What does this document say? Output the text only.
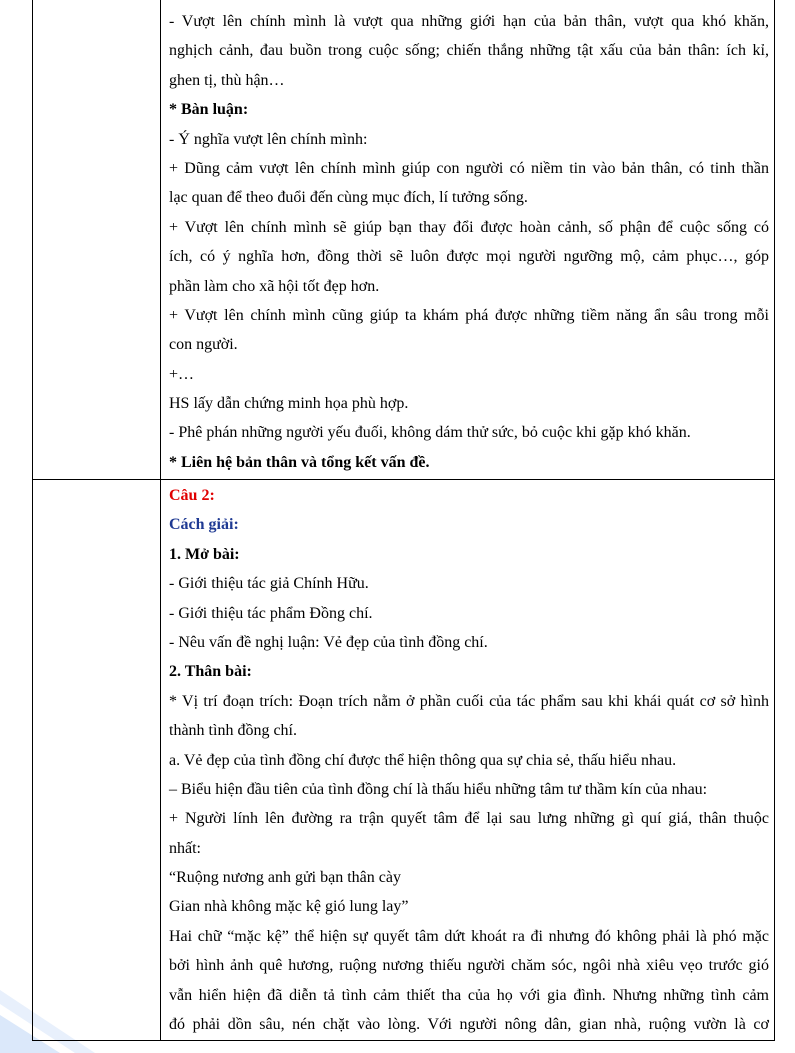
- Vượt lên chính mình là vượt qua những giới hạn của bản thân, vượt qua khó khăn,
nghịch cảnh, đau buồn trong cuộc sống; chiến thắng những tật xấu của bản thân: ích kỉ,
ghen tị, thù hận…
* Bàn luận:
- Ý nghĩa vượt lên chính mình:
+ Dũng cảm vượt lên chính mình giúp con người có niềm tin vào bản thân, có tinh thần
lạc quan để theo đuổi đến cùng mục đích, lí tưởng sống.
+ Vượt lên chính mình sẽ giúp bạn thay đổi được hoàn cảnh, số phận để cuộc sống có
ích, có ý nghĩa hơn, đồng thời sẽ luôn được mọi người ngưỡng mộ, cảm phục…, góp
phần làm cho xã hội tốt đẹp hơn.
+ Vượt lên chính mình cũng giúp ta khám phá được những tiềm năng ẩn sâu trong mỗi
con người.
+…
HS lấy dẫn chứng minh họa phù hợp.
- Phê phán những người yếu đuối, không dám thử sức, bỏ cuộc khi gặp khó khăn.
* Liên hệ bản thân và tổng kết vấn đề.
Câu 2:
Cách giải:
1. Mở bài:
- Giới thiệu tác giả Chính Hữu.
- Giới thiệu tác phẩm Đồng chí.
- Nêu vấn đề nghị luận: Vẻ đẹp của tình đồng chí.
2. Thân bài:
* Vị trí đoạn trích: Đoạn trích nằm ở phần cuối của tác phẩm sau khi khái quát cơ sở hình
thành tình đồng chí.
a. Vẻ đẹp của tình đồng chí được thể hiện thông qua sự chia sẻ, thấu hiểu nhau.
– Biểu hiện đầu tiên của tình đồng chí là thấu hiểu những tâm tư thầm kín của nhau:
+ Người lính lên đường ra trận quyết tâm để lại sau lưng những gì quí giá, thân thuộc
nhất:
“Ruộng nương anh gửi bạn thân cày
Gian nhà không mặc kệ gió lung lay”
Hai chữ “mặc kệ” thể hiện sự quyết tâm dứt khoát ra đi nhưng đó không phải là phó mặc
bởi hình ảnh quê hương, ruộng nương thiếu người chăm sóc, ngôi nhà xiêu vẹo trước gió
vẫn hiển hiện đã diễn tả tình cảm thiết tha của họ với gia đình. Nhưng những tình cảm
đó phải dồn sâu, nén chặt vào lòng. Với người nông dân, gian nhà, ruộng vườn là cơ
